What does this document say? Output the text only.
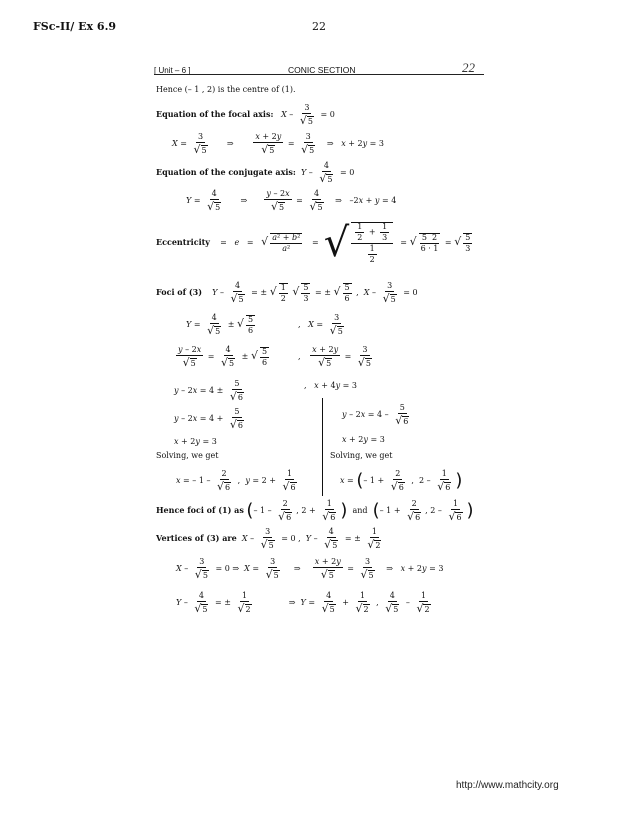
FSc-II/ Ex 6.9	22
[ Unit – 6 ]	CONIC SECTION	22
Hence (– 1 , 2) is the centre of (1).
Equation of the focal axis: $X - \frac{3}{√5} = 0$
$X = \frac{3}{√5}$ ⇒ $\frac{x + 2y}{√5} = \frac{3}{√5}$ ⇒   x + 2y = 3
Equation of the conjugate axis: $Y - \frac{4}{√5} = 0$
$Y = \frac{4}{√5}$ ⇒ $\frac{y - 2x}{√5} = \frac{4}{√5}$ ⇒   –2x + y = 4
Eccentricity    =   e   =   √ $\frac{\text{a² + b²}}{\text{a²}}$ =  √ $\frac{\frac{1}{2} + \frac{1}{3}}{\frac{1}{2}}$ = √ $\frac{5 2}{6 \cdot 1}$ = √ $\frac{5}{3}$
Foci of (3) Y – $\frac{4}{√5}$ = ± √ $\frac{1}{2}$ √ $\frac{5}{3}$ = ± √ $\frac{5}{6}$ ,  $X - \frac{3}{√5} = 0$
$Y = \frac{4}{√5}$ ± √ $\frac{5}{6}$	,   $X = \frac{3}{√5}$
$\frac{y - 2x}{√5} = \frac{4}{√5}$ ± √ $\frac{5}{6}$	, $\frac{x + 2y}{√5} = \frac{3}{√5}$
$y - 2x = 4 \pm \frac{5}{√6}$	,   x + 4y = 3
$y - 2x = 4 + \frac{5}{√6}$
x + 2y = 3
Solving, we get
$y - 2x = 4 - \frac{5}{√6}$
x + 2y = 3
Solving, we get
x = – $1 - \frac{2}{√6}$ ,  $y = 2 + \frac{1}{√6}$	x = (– $1 + \frac{2}{√6}$ ,  $2 - \frac{1}{√6}$ )
Hence foci of (1) as (– $1 - \frac{2}{√6}$ , $2 + \frac{1}{√6}$ ) and (– $1 + \frac{2}{√6}$ , $2 - \frac{1}{√6}$ )
Vertices of (3) are $X - \frac{3}{√5} = 0$ ,  Y – $\frac{4}{√5}$ = ± $\frac{1}{√2}$
$X - \frac{3}{√5} = 0$ ⇒  $X = \frac{3}{√5}$ ⇒ $\frac{x + 2y}{√5} = \frac{3}{√5}$ ⇒   x + 2y = 3
Y – $\frac{4}{√5}$ = ± $\frac{1}{√2}$ ⇒  $Y = \frac{4}{√5} + \frac{1}{√2}$ , $\frac{4}{√5} - \frac{1}{√2}$
http://www.mathcity.org
